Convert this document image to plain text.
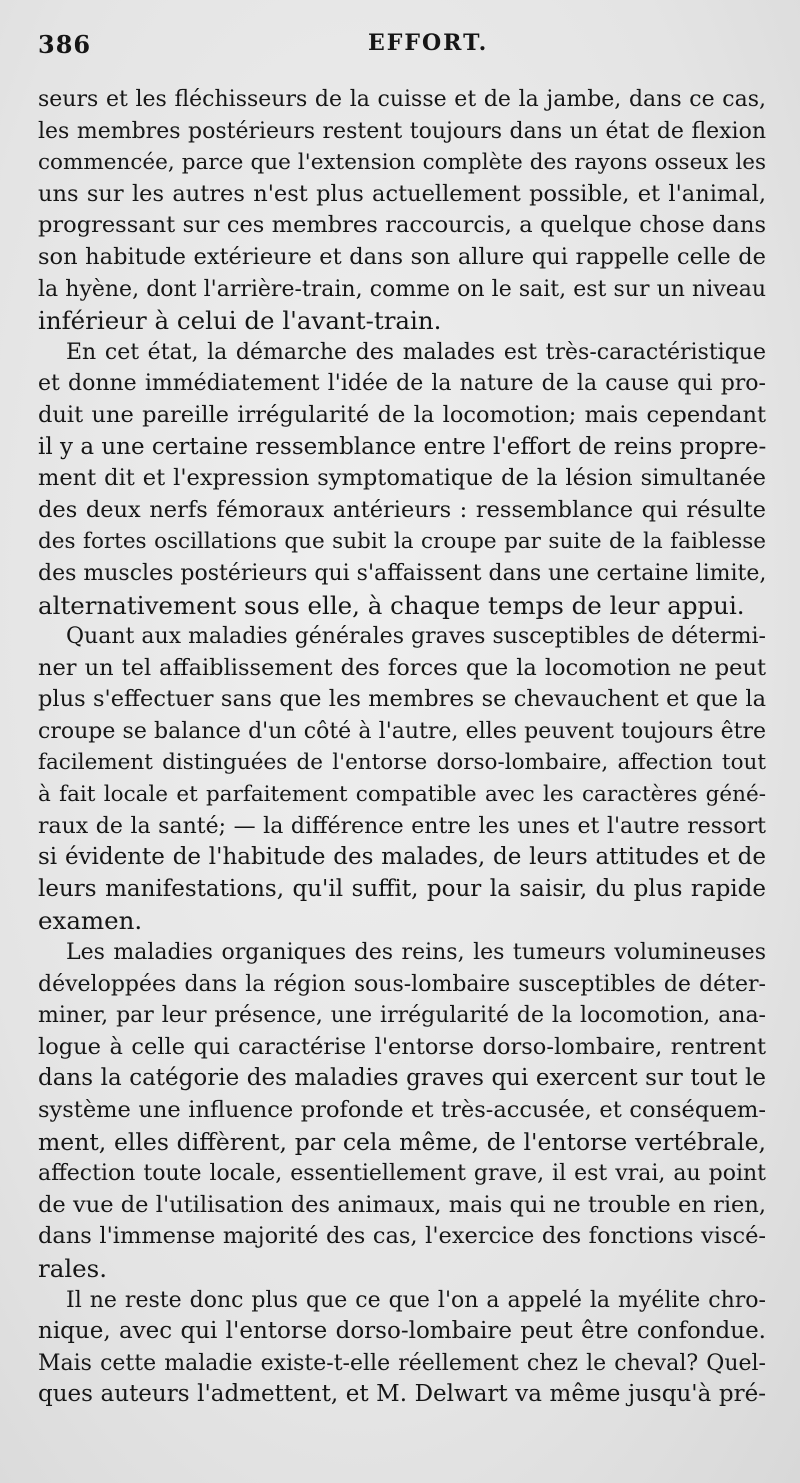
386	EFFORT.
seurs et les fléchisseurs de la cuisse et de la jambe, dans ce cas,
les membres postérieurs restent toujours dans un état de flexion
commencée, parce que l'extension complète des rayons osseux les
uns sur les autres n'est plus actuellement possible, et l'animal,
progressant sur ces membres raccourcis, a quelque chose dans
son habitude extérieure et dans son allure qui rappelle celle de
la hyène, dont l'arrière-train, comme on le sait, est sur un niveau
inférieur à celui de l'avant-train.
En cet état, la démarche des malades est très-caractéristique
et donne immédiatement l'idée de la nature de la cause qui pro-
duit une pareille irrégularité de la locomotion; mais cependant
il y a une certaine ressemblance entre l'effort de reins propre-
ment dit et l'expression symptomatique de la lésion simultanée
des deux nerfs fémoraux antérieurs : ressemblance qui résulte
des fortes oscillations que subit la croupe par suite de la faiblesse
des muscles postérieurs qui s'affaissent dans une certaine limite,
alternativement sous elle, à chaque temps de leur appui.
Quant aux maladies générales graves susceptibles de détermi-
ner un tel affaiblissement des forces que la locomotion ne peut
plus s'effectuer sans que les membres se chevauchent et que la
croupe se balance d'un côté à l'autre, elles peuvent toujours être
facilement distinguées de l'entorse dorso-lombaire, affection tout
à fait locale et parfaitement compatible avec les caractères géné-
raux de la santé; — la différence entre les unes et l'autre ressort
si évidente de l'habitude des malades, de leurs attitudes et de
leurs manifestations, qu'il suffit, pour la saisir, du plus rapide
examen.
Les maladies organiques des reins, les tumeurs volumineuses
développées dans la région sous-lombaire susceptibles de déter-
miner, par leur présence, une irrégularité de la locomotion, ana-
logue à celle qui caractérise l'entorse dorso-lombaire, rentrent
dans la catégorie des maladies graves qui exercent sur tout le
système une influence profonde et très-accusée, et conséquem-
ment, elles diffèrent, par cela même, de l'entorse vertébrale,
affection toute locale, essentiellement grave, il est vrai, au point
de vue de l'utilisation des animaux, mais qui ne trouble en rien,
dans l'immense majorité des cas, l'exercice des fonctions viscé-
rales.
Il ne reste donc plus que ce que l'on a appelé la myélite chro-
nique, avec qui l'entorse dorso-lombaire peut être confondue.
Mais cette maladie existe-t-elle réellement chez le cheval? Quel-
ques auteurs l'admettent, et M. Delwart va même jusqu'à pré-
